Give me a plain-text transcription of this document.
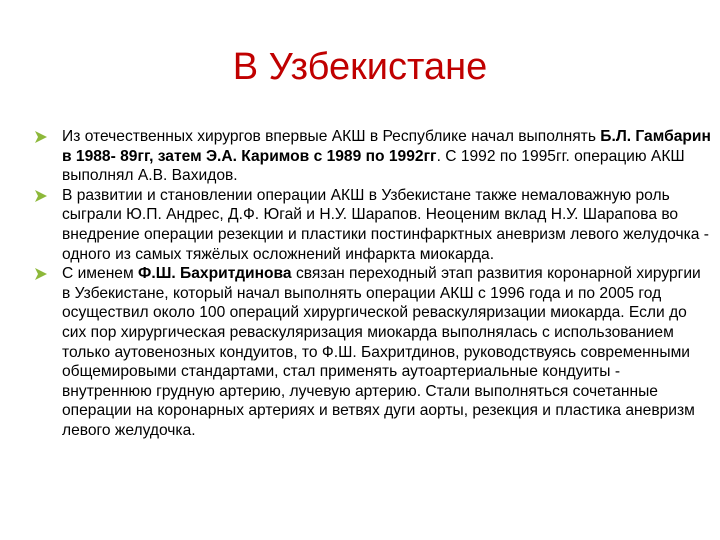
В Узбекистане
Из отечественных хирургов впервые АКШ в Республике начал выполнять Б.Л. Гамбарин в 1988- 89гг, затем Э.А. Каримов с 1989 по 1992гг. С 1992 по 1995гг. операцию АКШ выполнял А.В. Вахидов.
В развитии и становлении операции АКШ в Узбекистане также немаловажную роль сыграли Ю.П. Андрес, Д.Ф. Югай и Н.У. Шарапов. Неоценим вклад Н.У. Шарапова во внедрение операции резекции и пластики постинфарктных аневризм левого желудочка - одного из самых тяжёлых осложнений инфаркта миокарда.
С именем Ф.Ш. Бахритдинова связан переходный этап развития коронарной хирургии в Узбекистане, который начал выполнять операции АКШ с 1996 года и по 2005 год осуществил около 100 операций хирургической реваскуляризации миокарда. Если до сих пор хирургическая реваскуляризация миокарда выполнялась с использованием только аутовенозных кондуитов, то Ф.Ш. Бахритдинов, руководствуясь современными общемировыми стандартами, стал применять аутоартериальные кондуиты - внутреннюю грудную артерию, лучевую артерию. Стали выполняться сочетанные операции на коронарных артериях и ветвях дуги аорты, резекция и пластика аневризм левого желудочка.
